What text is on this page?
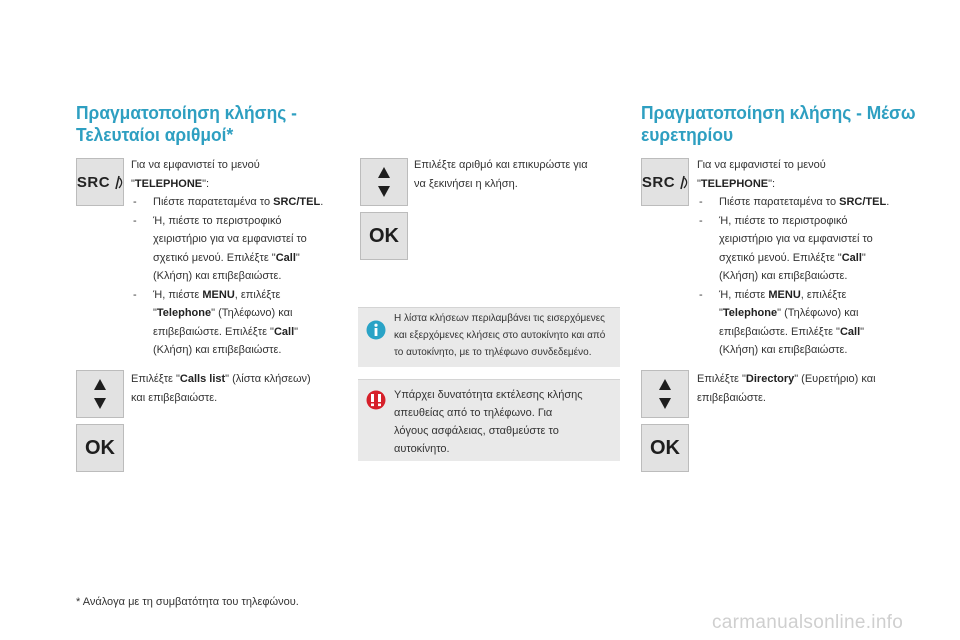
Πραγματοποίηση κλήσης -
Τελευταίοι αριθμοί*
SRC
Για να εμφανιστεί το μενού
"TELEPHONE":
- Πιέστε παρατεταμένα το SRC/TEL.
- Ή, πιέστε το περιστροφικό
χειριστήριο για να εμφανιστεί το
σχετικό μενού. Επιλέξτε "Call"
(Κλήση) και επιβεβαιώστε.
- Ή, πιέστε MENU, επιλέξτε
"Telephone" (Τηλέφωνο) και
επιβεβαιώστε. Επιλέξτε "Call"
(Κλήση) και επιβεβαιώστε.
Επιλέξτε "Calls list" (λίστα κλήσεων)
και επιβεβαιώστε.
OK
* Ανάλογα με τη συμβατότητα του τηλεφώνου.
Επιλέξτε αριθμό και επικυρώστε για
να ξεκινήσει η κλήση.
OK
Η λίστα κλήσεων περιλαμβάνει τις εισερχόμενες
και εξερχόμενες κλήσεις στο αυτοκίνητο και από
το αυτοκίνητο, με το τηλέφωνο συνδεδεμένο.
Υπάρχει δυνατότητα εκτέλεσης κλήσης
απευθείας από το τηλέφωνο. Για
λόγους ασφάλειας, σταθμεύστε το
αυτοκίνητο.
Πραγματοποίηση κλήσης - Μέσω
ευρετηρίου
SRC
Για να εμφανιστεί το μενού
"TELEPHONE":
- Πιέστε παρατεταμένα το SRC/TEL.
- Ή, πιέστε το περιστροφικό
χειριστήριο για να εμφανιστεί το
σχετικό μενού. Επιλέξτε "Call"
(Κλήση) και επιβεβαιώστε.
- Ή, πιέστε MENU, επιλέξτε
"Telephone" (Τηλέφωνο) και
επιβεβαιώστε. Επιλέξτε "Call"
(Κλήση) και επιβεβαιώστε.
Επιλέξτε "Directory" (Ευρετήριο) και
επιβεβαιώστε.
OK
carmanualsonline.info
